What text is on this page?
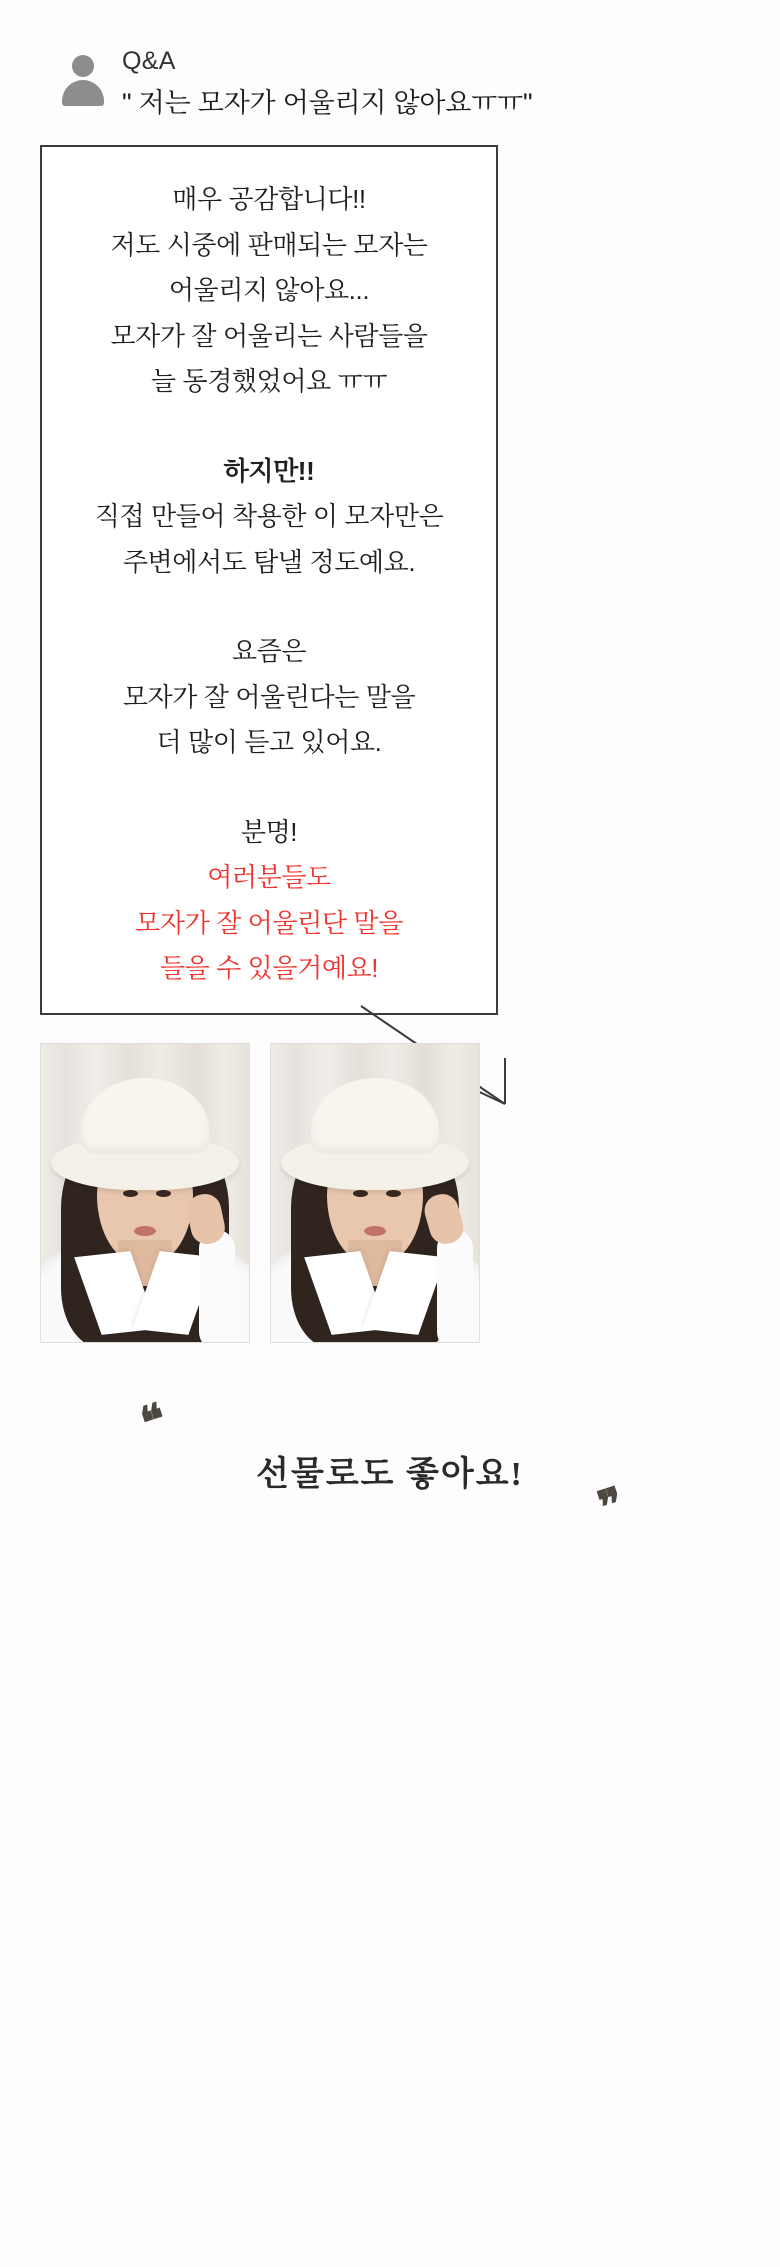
Q&A
" 저는 모자가 어울리지 않아요ㅠㅠ"
매우 공감합니다!!
저도 시중에 판매되는 모자는
어울리지 않아요...
모자가 잘 어울리는 사람들을
늘 동경했었어요 ㅠㅠ
하지만!!
직접 만들어 착용한 이 모자만은
주변에서도 탐낼 정도예요.
요즘은
모자가 잘 어울린다는 말을
더 많이 듣고 있어요.
분명!
여러분들도
모자가 잘 어울린단 말을
들을 수 있을거예요!
❝
선물로도 좋아요!
❞
